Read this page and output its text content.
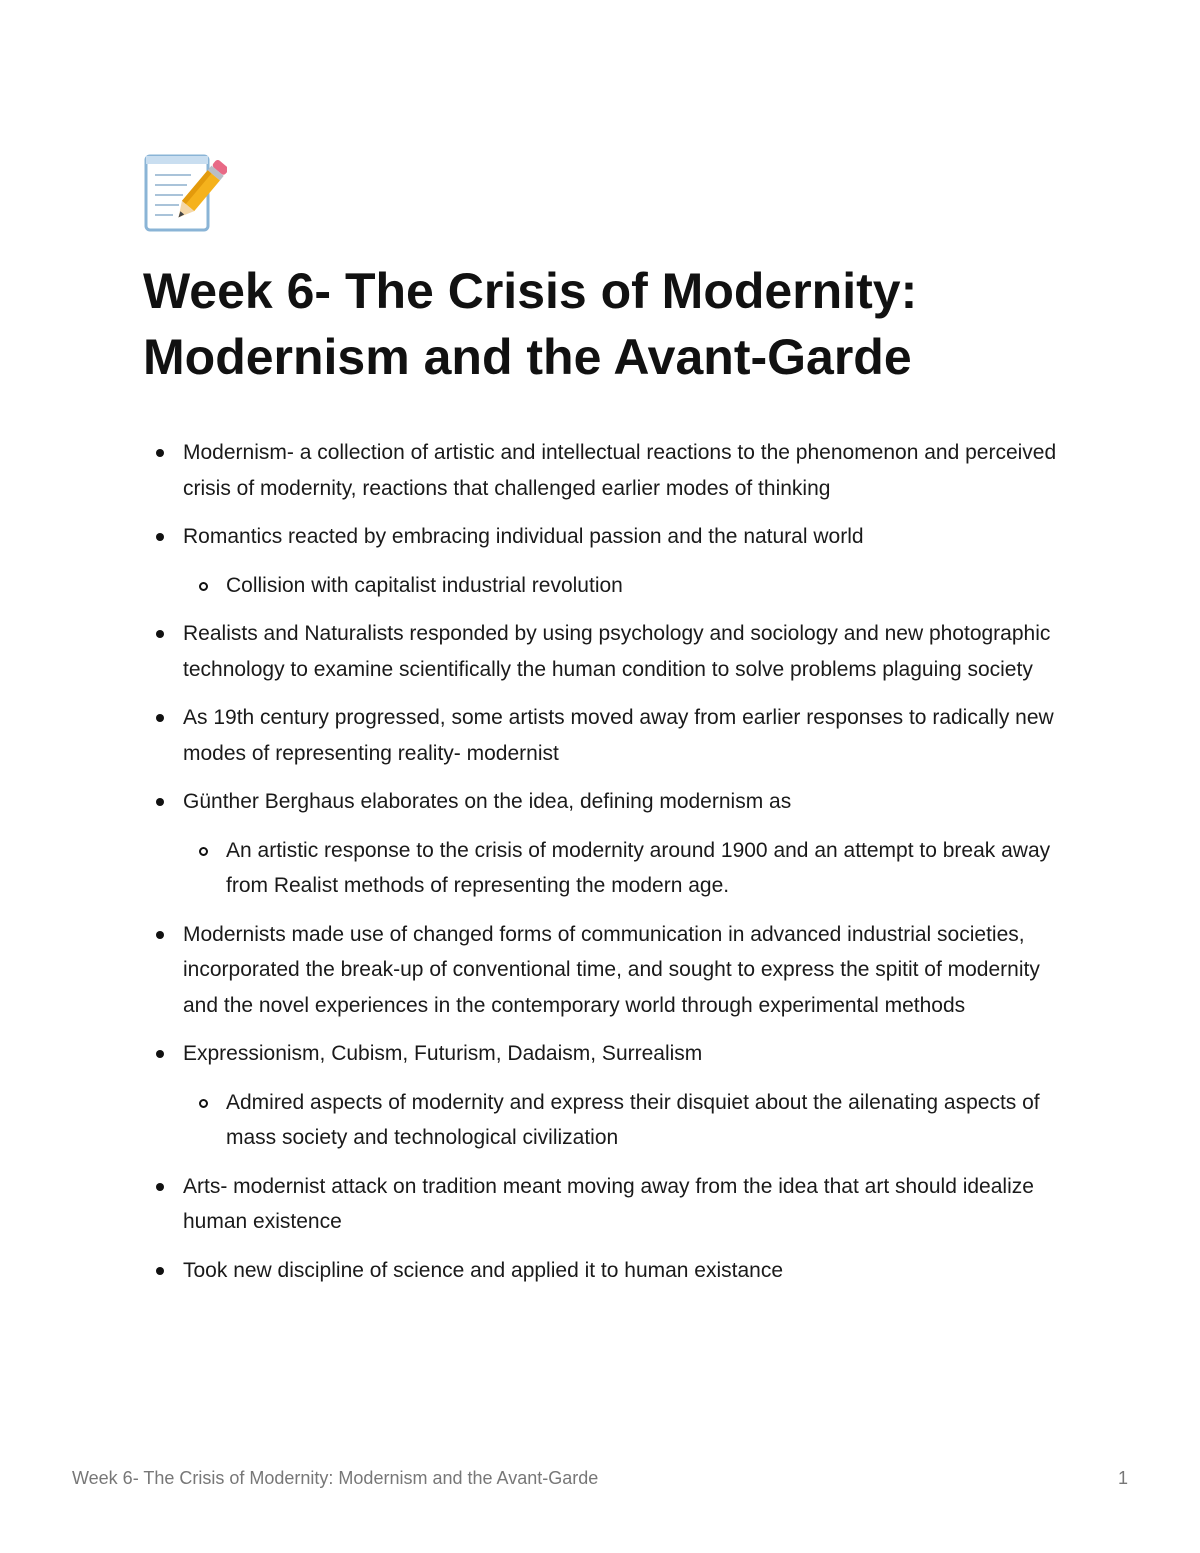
Week 6- The Crisis of Modernity: Modernism and the Avant-Garde
Modernism- a collection of artistic and intellectual reactions to the phenomenon and perceived crisis of modernity, reactions that challenged earlier modes of thinking
Romantics reacted by embracing individual passion and the natural world
Collision with capitalist industrial revolution
Realists and Naturalists responded by using psychology and sociology and new photographic technology to examine scientifically the human condition to solve problems plaguing society
As 19th century progressed, some artists moved away from earlier responses to radically new modes of representing reality- modernist
Günther Berghaus elaborates on the idea, defining modernism as
An artistic response to the crisis of modernity around 1900 and an attempt to break away from Realist methods of representing the modern age.
Modernists made use of changed forms of communication in advanced industrial societies, incorporated the break-up of conventional time, and sought to express the spitit of modernity and the novel experiences in the contemporary world through experimental methods
Expressionism, Cubism, Futurism, Dadaism, Surrealism
Admired aspects of modernity and express their disquiet about the ailenating aspects of mass society and technological civilization
Arts- modernist attack on tradition meant moving away from the idea that art should idealize human existence
Took new discipline of science and applied it to human existance
Week 6- The Crisis of Modernity: Modernism and the Avant-Garde	1
